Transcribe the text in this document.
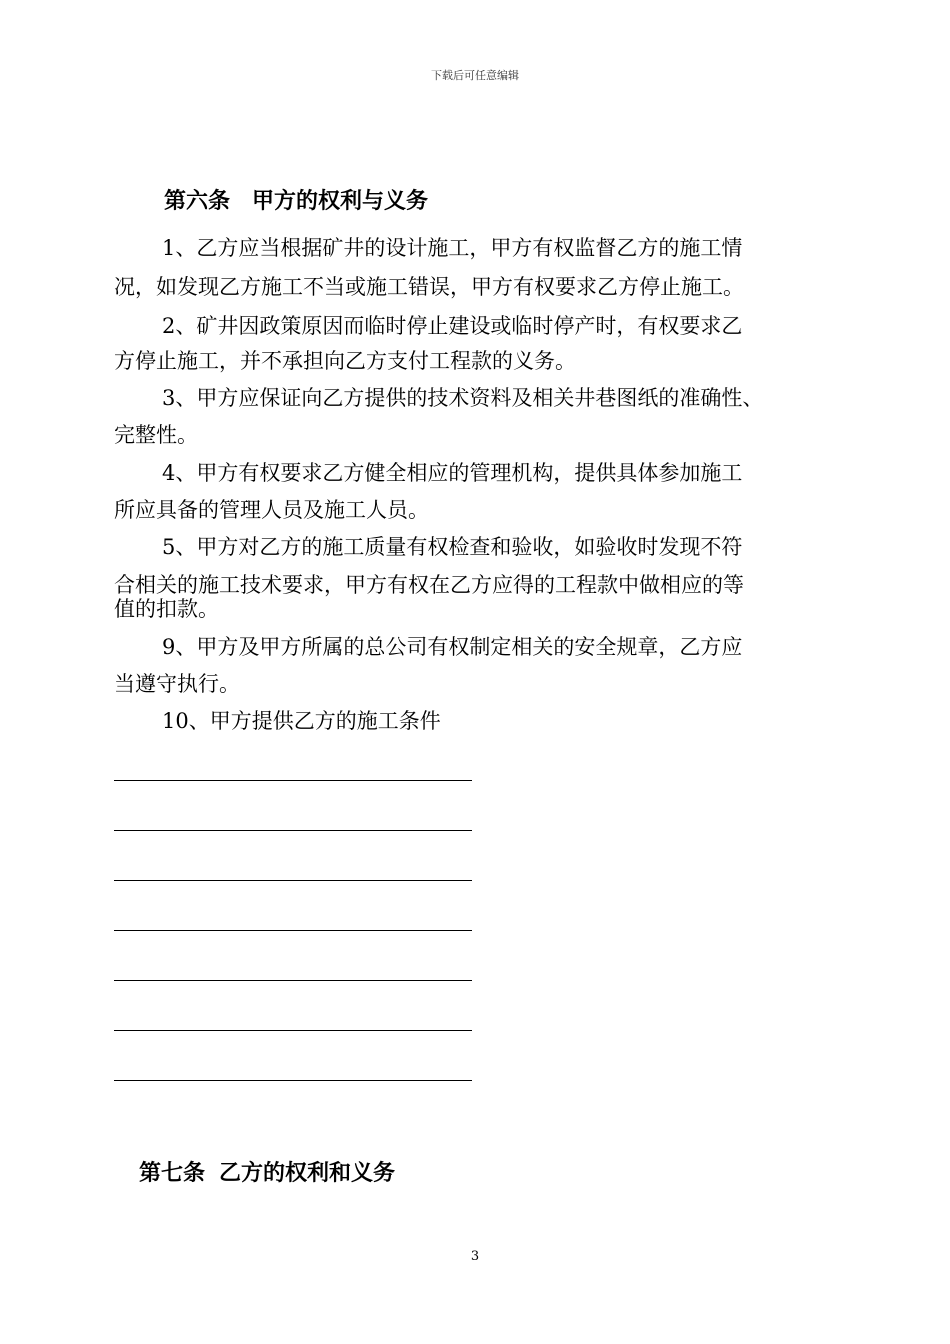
下载后可任意编辑
第六条 甲方的权利与义务
1、乙方应当根据矿井的设计施工，甲方有权监督乙方的施工情
况，如发现乙方施工不当或施工错误，甲方有权要求乙方停止施工。
2、矿井因政策原因而临时停止建设或临时停产时，有权要求乙
方停止施工，并不承担向乙方支付工程款的义务。
3、甲方应保证向乙方提供的技术资料及相关井巷图纸的准确性、
完整性。
4、甲方有权要求乙方健全相应的管理机构，提供具体参加施工
所应具备的管理人员及施工人员。
5、甲方对乙方的施工质量有权检查和验收，如验收时发现不符
合相关的施工技术要求，甲方有权在乙方应得的工程款中做相应的等
值的扣款。
9、甲方及甲方所属的总公司有权制定相关的安全规章，乙方应
当遵守执行。
10、甲方提供乙方的施工条件
第七条 乙方的权利和义务
3
